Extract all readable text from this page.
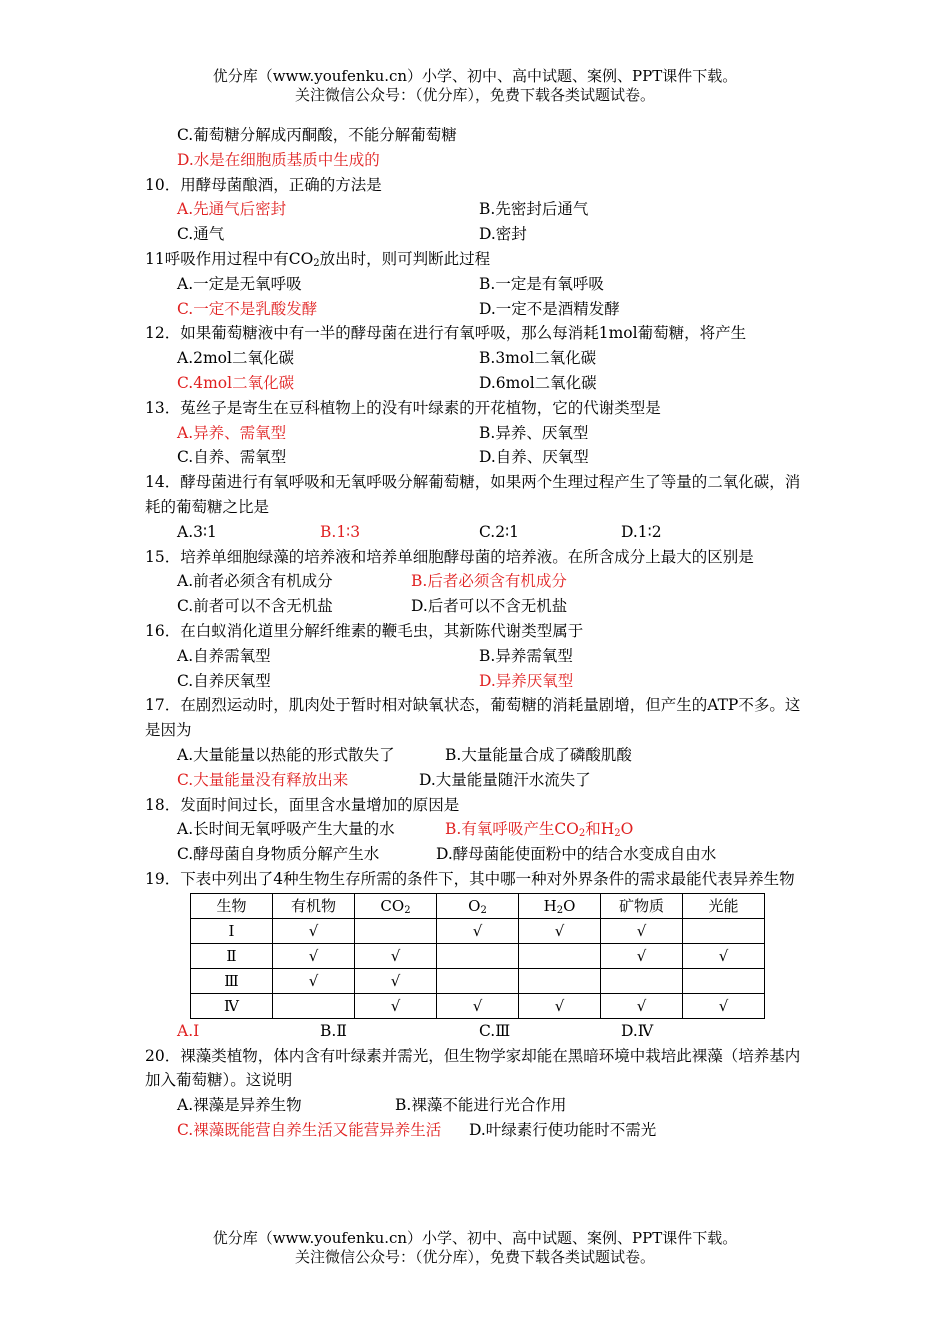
优分库（www.youfenku.cn）小学、初中、高中试题、案例、PPT课件下载。
关注微信公众号：（优分库），免费下载各类试题试卷。
C.葡萄糖分解成丙酮酸，不能分解葡萄糖
D.水是在细胞质基质中生成的
10．用酵母菌酿酒，正确的方法是
A.先通气后密封	B.先密封后通气
C.通气	D.密封
11呼吸作用过程中有$CO_2$放出时，则可判断此过程
A.一定是无氧呼吸	B.一定是有氧呼吸
C.一定不是乳酸发酵	D.一定不是酒精发酵
12．如果葡萄糖液中有一半的酵母菌在进行有氧呼吸，那么每消耗1mol葡萄糖，将产生
A.2mol二氧化碳	B.3mol二氧化碳
C.4mol二氧化碳	D.6mol二氧化碳
13．菟丝子是寄生在豆科植物上的没有叶绿素的开花植物，它的代谢类型是
A.异养、需氧型	B.异养、厌氧型
C.自养、需氧型	D.自养、厌氧型
14．酵母菌进行有氧呼吸和无氧呼吸分解葡萄糖，如果两个生理过程产生了等量的二氧化碳，消耗的葡萄糖之比是
A.3∶1	B.1∶3	C.2∶1	D.1∶2
15．培养单细胞绿藻的培养液和培养单细胞酵母菌的培养液。在所含成分上最大的区别是
A.前者必须含有机成分	B.后者必须含有机成分
C.前者可以不含无机盐	D.后者可以不含无机盐
16．在白蚁消化道里分解纤维素的鞭毛虫，其新陈代谢类型属于
A.自养需氧型	B.异养需氧型
C.自养厌氧型	D.异养厌氧型
17．在剧烈运动时，肌肉处于暂时相对缺氧状态，葡萄糖的消耗量剧增，但产生的ATP不多。这是因为
A.大量能量以热能的形式散失了	B.大量能量合成了磷酸肌酸
C.大量能量没有释放出来	D.大量能量随汗水流失了
18．发面时间过长，面里含水量增加的原因是
A.长时间无氧呼吸产生大量的水	B.有氧呼吸产生$CO_2$和$H_2O$
C.酵母菌自身物质分解产生水	D.酵母菌能使面粉中的结合水变成自由水
19．下表中列出了4种生物生存所需的条件下，其中哪一种对外界条件的需求最能代表异养生物
生物	有机物	$CO_2$	$O_2$	$H_2O$	矿物质	光能
Ⅰ	√		√	√	√	
Ⅱ	√	√			√	√
Ⅲ	√	√				
Ⅳ		√	√	√	√	√
A.Ⅰ	B.Ⅱ	C.Ⅲ	D.Ⅳ
20．裸藻类植物，体内含有叶绿素并需光，但生物学家却能在黑暗环境中栽培此裸藻（培养基内加入葡萄糖）。这说明
A.裸藻是异养生物	B.裸藻不能进行光合作用
C.裸藻既能营自养生活又能营异养生活 D.叶绿素行使功能时不需光
优分库（www.youfenku.cn）小学、初中、高中试题、案例、PPT课件下载。
关注微信公众号：（优分库），免费下载各类试题试卷。
